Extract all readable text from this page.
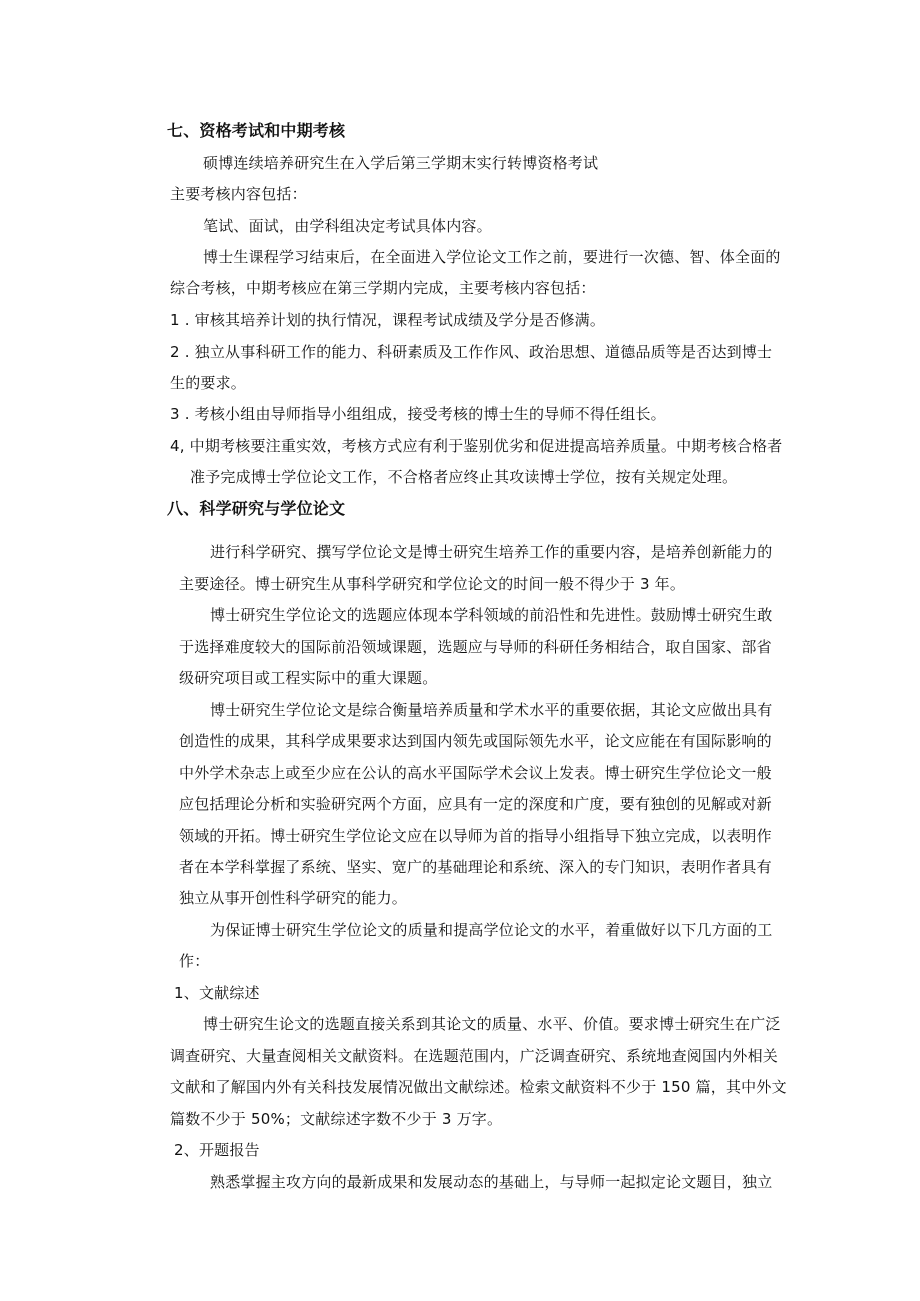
七、资格考试和中期考核
硕博连续培养研究生在入学后第三学期末实行转博资格考试
主要考核内容包括：
笔试、面试，由学科组决定考试具体内容。
博士生课程学习结束后，在全面进入学位论文工作之前，要进行一次德、智、体全面的
综合考核，中期考核应在第三学期内完成，主要考核内容包括：
1 . 审核其培养计划的执行情况，课程考试成绩及学分是否修满。
2 . 独立从事科研工作的能力、科研素质及工作作风、政治思想、道德品质等是否达到博士
生的要求。
3 . 考核小组由导师指导小组组成，接受考核的博士生的导师不得任组长。
4, 中期考核要注重实效，考核方式应有利于鉴别优劣和促进提高培养质量。中期考核合格者
准予完成博士学位论文工作，不合格者应终止其攻读博士学位，按有关规定处理。
八、科学研究与学位论文
进行科学研究、撰写学位论文是博士研究生培养工作的重要内容，是培养创新能力的
主要途径。博士研究生从事科学研究和学位论文的时间一般不得少于 3 年。
博士研究生学位论文的选题应体现本学科领域的前沿性和先进性。鼓励博士研究生敢
于选择难度较大的国际前沿领域课题，选题应与导师的科研任务相结合，取自国家、部省
级研究项目或工程实际中的重大课题。
博士研究生学位论文是综合衡量培养质量和学术水平的重要依据，其论文应做出具有
创造性的成果，其科学成果要求达到国内领先或国际领先水平，论文应能在有国际影响的
中外学术杂志上或至少应在公认的高水平国际学术会议上发表。博士研究生学位论文一般
应包括理论分析和实验研究两个方面，应具有一定的深度和广度，要有独创的见解或对新
领域的开拓。博士研究生学位论文应在以导师为首的指导小组指导下独立完成，以表明作
者在本学科掌握了系统、坚实、宽广的基础理论和系统、深入的专门知识，表明作者具有
独立从事开创性科学研究的能力。
为保证博士研究生学位论文的质量和提高学位论文的水平，着重做好以下几方面的工
作：
1、文献综述
博士研究生论文的选题直接关系到其论文的质量、水平、价值。要求博士研究生在广泛
调查研究、大量查阅相关文献资料。在选题范围内，广泛调查研究、系统地查阅国内外相关
文献和了解国内外有关科技发展情况做出文献综述。检索文献资料不少于 150 篇，其中外文
篇数不少于 50%；文献综述字数不少于 3 万字。
2、开题报告
熟悉掌握主攻方向的最新成果和发展动态的基础上，与导师一起拟定论文题目，独立
